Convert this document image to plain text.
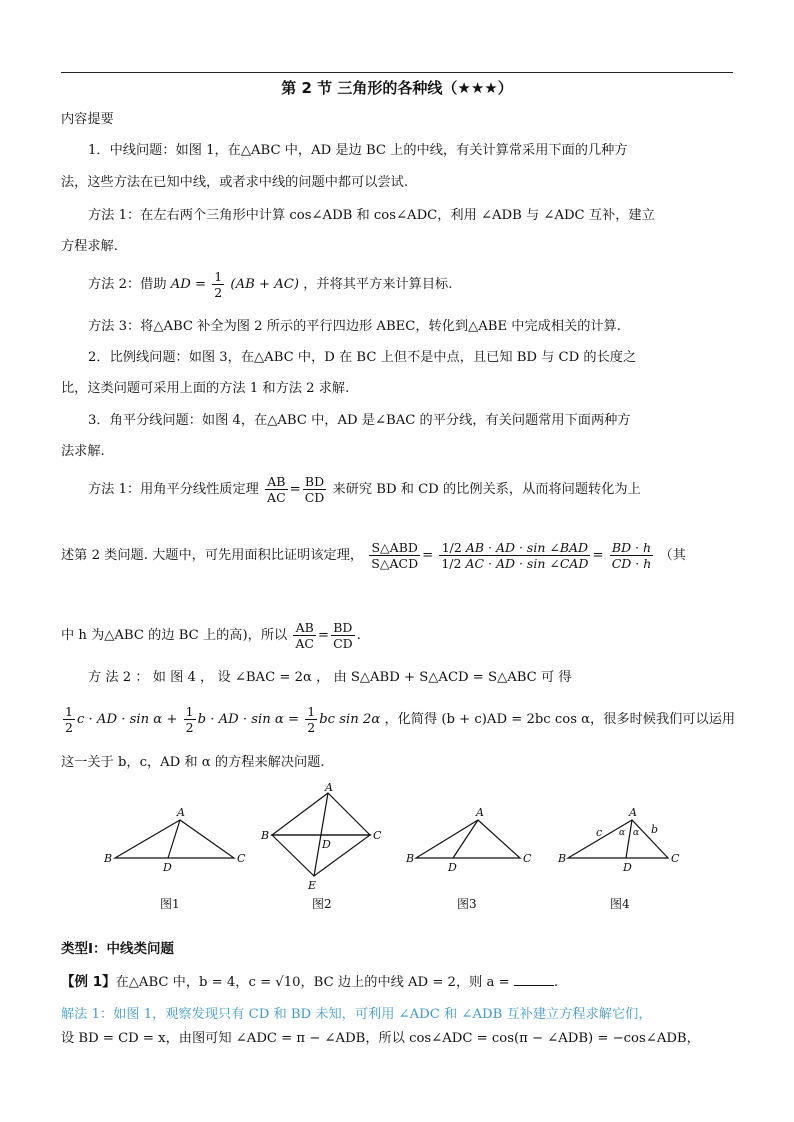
第 2 节 三角形的各种线（★★★）
内容提要
1．中线问题：如图 1，在△ABC 中，AD 是边 BC 上的中线，有关计算常采用下面的几种方
法，这些方法在已知中线，或者求中线的问题中都可以尝试.
方法 1：在左右两个三角形中计算 cos∠ADB 和 cos∠ADC，利用 ∠ADB 与 ∠ADC 互补，建立
方程求解.
方法 2：借助 AD = $\frac{1}{2} (AB + AC)$ ，并将其平方来计算目标.
方法 3：将△ABC 补全为图 2 所示的平行四边形 ABEC，转化到△ABE 中完成相关的计算.
2．比例线问题：如图 3，在△ABC 中，D 在 BC 上但不是中点，且已知 BD 与 CD 的长度之
比，这类问题可采用上面的方法 1 和方法 2 求解.
3．角平分线问题：如图 4，在△ABC 中，AD 是∠BAC 的平分线，有关问题常用下面两种方
法求解.
方法 1：用角平分线性质定理 $\frac{AB}{AC} = \frac{BD}{CD}$ 来研究 BD 和 CD 的比例关系，从而将问题转化为上
述第 2 类问题. 大题中，可先用面积比证明该定理， $\frac{\text{S△ABD}}{\text{S△ACD}} = \frac{\text{1/2 AB · AD · sin ∠BAD}}{\text{1/2 AC · AD · sin ∠CAD}} = \frac{BD \cdot h}{CD \cdot h}$ （其
中 h 为△ABC 的边 BC 上的高)，所以 $\frac{AB}{AC} = \frac{BD}{CD}$ .
方 法 2 ： 如 图 4 ， 设 ∠BAC = 2α ， 由 S△ABD + S△ACD = S△ABC 可 得
$\frac{1}{2}$ c · AD · $\sin \alpha + \frac{1}{2}$ b · AD · $\sin \alpha = \frac{1}{2}$ bc sin 2α ，化简得 (b + c)AD = 2bc cos α，很多时候我们可以运用
这一关于 b，c，AD 和 α 的方程来解决问题.
A
B	C
D
A
B	C
D
E
A
B	C
D
A
B	C
D
c	b
α α
图1	图2	图3	图4
类型Ⅰ：中线类问题
【例 1】在△ABC 中，b = 4，c = √10，BC 边上的中线 AD = 2，则 a =	.
解法 1：如图 1，观察发现只有 CD 和 BD 未知，可利用 ∠ADC 和 ∠ADB 互补建立方程求解它们，
设 BD = CD = x，由图可知 ∠ADC = π − ∠ADB，所以 cos∠ADC = cos(π − ∠ADB) = −cos∠ADB，
